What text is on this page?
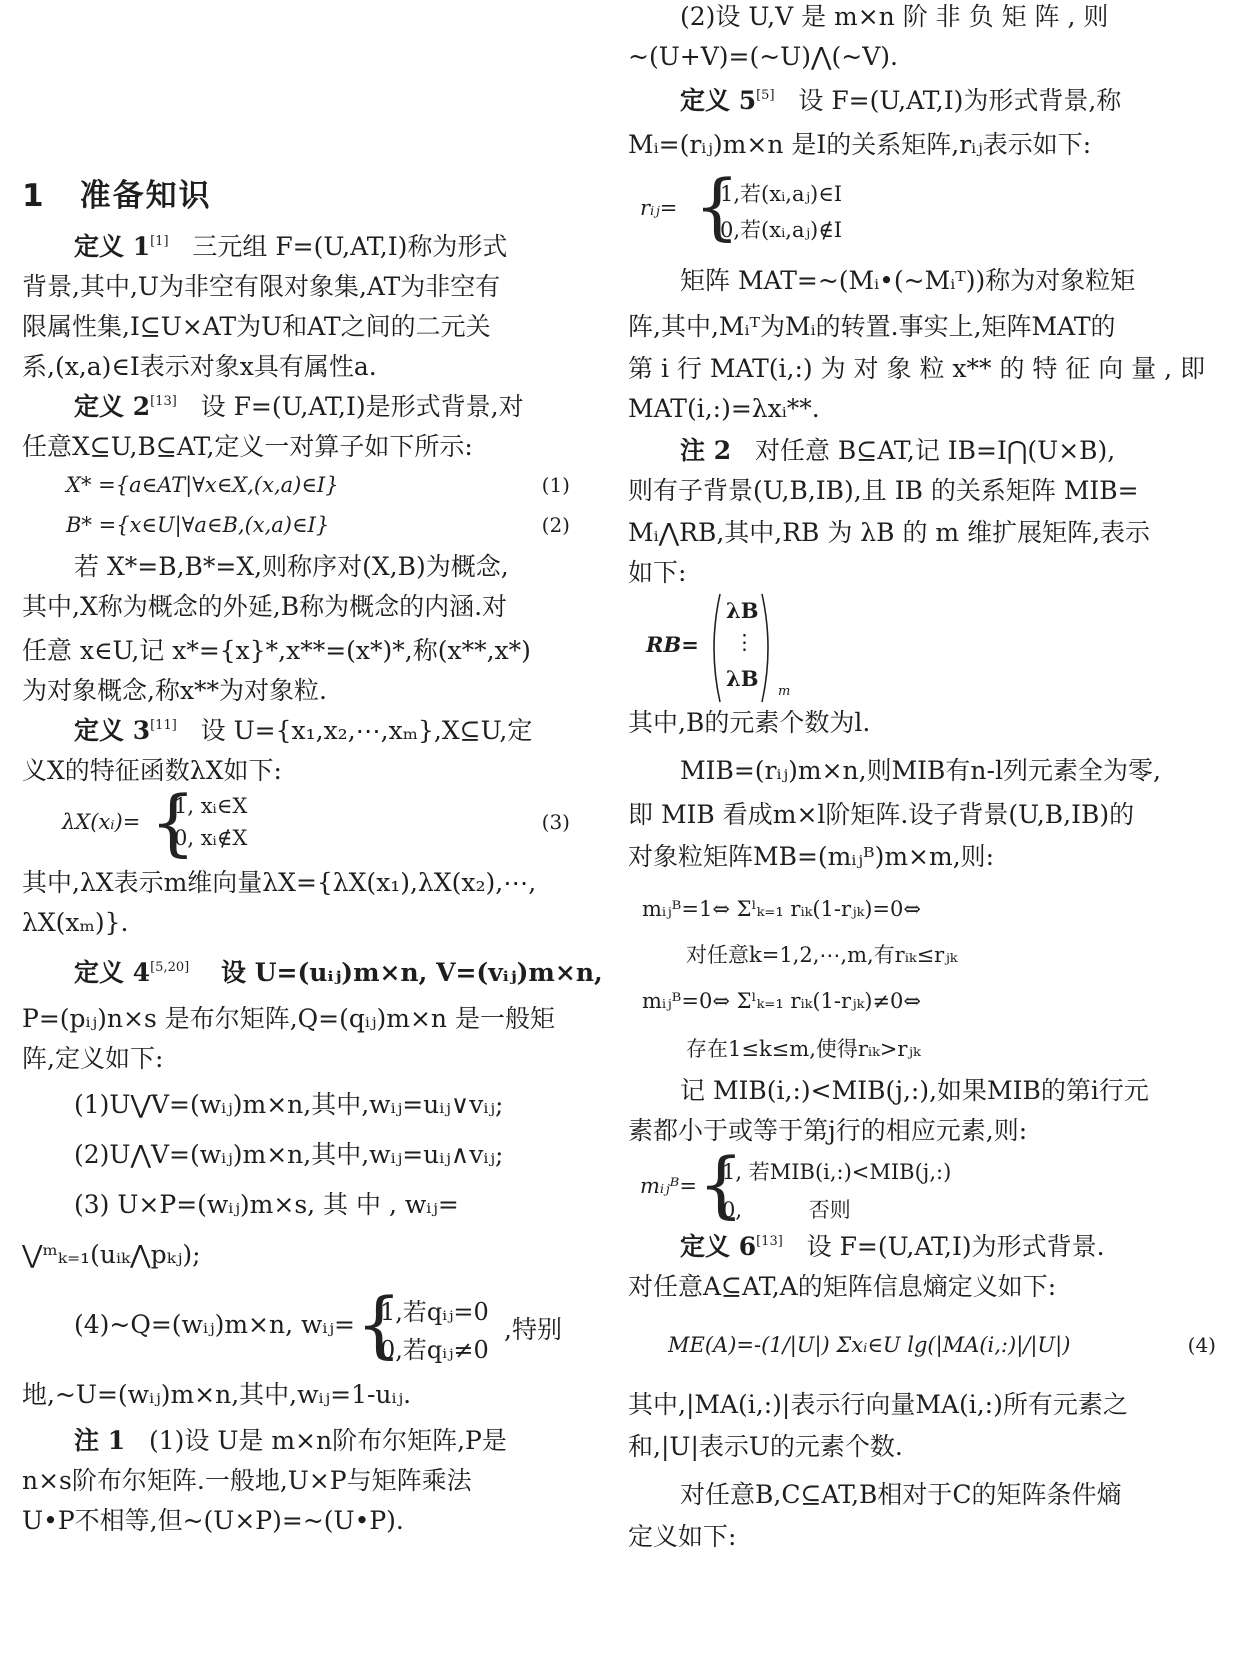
1 准备知识
定义 1[1] 三元组 F=(U,AT,I)称为形式
背景,其中,U为非空有限对象集,AT为非空有
限属性集,I⊆U×AT为U和AT之间的二元关
系,(x,a)∈I表示对象x具有属性a.
定义 2[13] 设 F=(U,AT,I)是形式背景,对
任意X⊆U,B⊆AT,定义一对算子如下所示:
X* ={a∈AT|∀x∈X,(x,a)∈I}	(1)
B* ={x∈U|∀a∈B,(x,a)∈I}	(2)
若 X*=B,B*=X,则称序对(X,B)为概念,
其中,X称为概念的外延,B称为概念的内涵.对
任意 x∈U,记 x*={x}*,x**=(x*)*,称(x**,x*)
为对象概念,称x**为对象粒.
定义 3[11] 设 U={x₁,x₂,⋯,xₘ},X⊆U,定
义X的特征函数λX如下:
λX(xᵢ)= {
1, xᵢ∈X
0, xᵢ∉X
(3)
其中,λX表示m维向量λX={λX(x₁),λX(x₂),⋯,
λX(xₘ)}.
定义 4[5,20] 设 U=(uᵢⱼ)m×n, V=(vᵢⱼ)m×n,
P=(pᵢⱼ)n×s 是布尔矩阵,Q=(qᵢⱼ)m×n 是一般矩
阵,定义如下:
(1)U⋁V=(wᵢⱼ)m×n,其中,wᵢⱼ=uᵢⱼ∨vᵢⱼ;
(2)U⋀V=(wᵢⱼ)m×n,其中,wᵢⱼ=uᵢⱼ∧vᵢⱼ;
(3) U×P=(wᵢⱼ)m×s, 其 中 , wᵢⱼ=
⋁ᵐₖ₌₁(uᵢₖ⋀pₖⱼ);
(4)~Q=(wᵢⱼ)m×n, wᵢⱼ= {
1,若qᵢⱼ=0
0,若qᵢⱼ≠0
,特别
地,~U=(wᵢⱼ)m×n,其中,wᵢⱼ=1-uᵢⱼ.
注 1 (1)设 U是 m×n阶布尔矩阵,P是
n×s阶布尔矩阵.一般地,U×P与矩阵乘法
U•P不相等,但~(U×P)=~(U•P).
(2)设 U,V 是 m×n 阶 非 负 矩 阵 , 则
~(U+V)=(~U)⋀(~V).
定义 5[5] 设 F=(U,AT,I)为形式背景,称
Mᵢ=(rᵢⱼ)m×n 是I的关系矩阵,rᵢⱼ表示如下:
rᵢⱼ= {
1,若(xᵢ,aⱼ)∈I
0,若(xᵢ,aⱼ)∉I
矩阵 MAT=~(Mᵢ•(~Mᵢᵀ))称为对象粒矩
阵,其中,Mᵢᵀ为Mᵢ的转置.事实上,矩阵MAT的
第 i 行 MAT(i,:) 为 对 象 粒 x** 的 特 征 向 量 , 即
MAT(i,:)=λxᵢ**.
注 2 对任意 B⊆AT,记 IB=I⋂(U×B),
则有子背景(U,B,IB),且 IB 的关系矩阵 MIB=
Mᵢ⋀RB,其中,RB 为 λB 的 m 维扩展矩阵,表示
如下:
RB=
λB
⋮
λB
m
其中,B的元素个数为l.
MIB=(rᵢⱼ)m×n,则MIB有n-l列元素全为零,
即 MIB 看成m×l阶矩阵.设子背景(U,B,IB)的
对象粒矩阵MB=(mᵢⱼᴮ)m×m,则:
mᵢⱼᴮ=1⇔ Σˡₖ₌₁ rᵢₖ(1-rⱼₖ)=0⇔
对任意k=1,2,⋯,m,有rᵢₖ≤rⱼₖ
mᵢⱼᴮ=0⇔ Σˡₖ₌₁ rᵢₖ(1-rⱼₖ)≠0⇔
存在1≤k≤m,使得rᵢₖ>rⱼₖ
记 MIB(i,:)<MIB(j,:),如果MIB的第i行元
素都小于或等于第j行的相应元素,则:
mᵢⱼᴮ= {
1, 若MIB(i,:)<MIB(j,:)
0,          否则
定义 6[13] 设 F=(U,AT,I)为形式背景.
对任意A⊆AT,A的矩阵信息熵定义如下:
ME(A)=-(1/|U|) Σxᵢ∈U lg(|MA(i,:)|/|U|)	(4)
其中,|MA(i,:)|表示行向量MA(i,:)所有元素之
和,|U|表示U的元素个数.
对任意B,C⊆AT,B相对于C的矩阵条件熵
定义如下:
